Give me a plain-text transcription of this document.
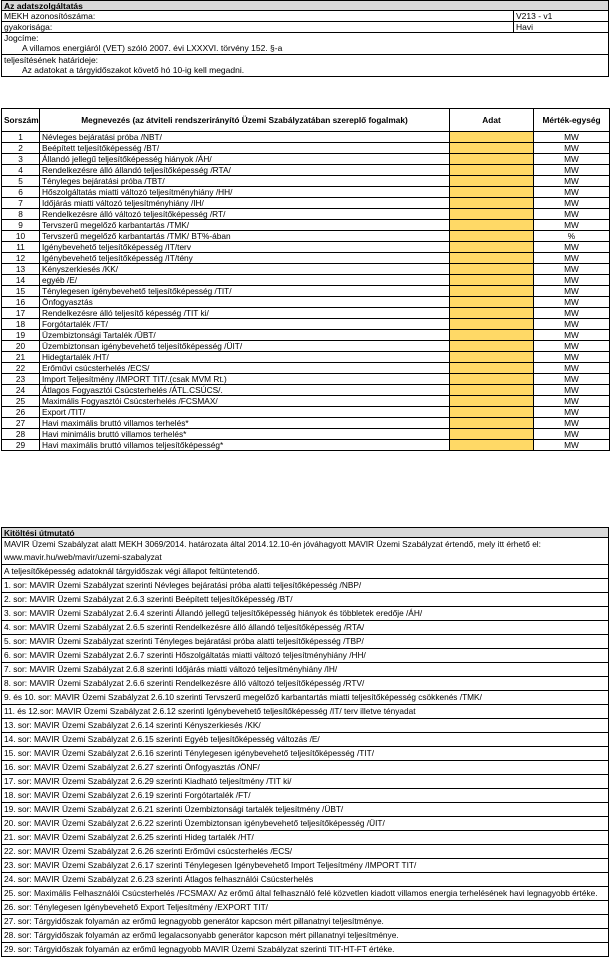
Az adatszolgáltatás
MEKH azonosítószáma:	V213 - v1
gyakorisága:	Havi
Jogcíme:
A villamos energiáról (VET) szóló 2007. évi LXXXVI. törvény 152. §-a
teljesítésének határideje:
Az adatokat a tárgyidőszakot követő hó 10-ig kell megadni.
Sorszám	Megnevezés (az átviteli rendszerirányító Üzemi Szabályzatában szereplő fogalmak)	Adat	Mérték-egység
1	Névleges bejáratási próba /NBT/		MW
2	Beépített teljesítőképesség /BT/		MW
3	Állandó jellegű teljesítőképesség hiányok /ÁH/		MW
4	Rendelkezésre álló állandó teljesítőképesség /RTA/		MW
5	Tényleges bejáratási próba /TBT/		MW
6	Hőszolgáltatás miatti változó teljesítményhiány /HH/		MW
7	Időjárás miatti változó teljesítményhiány /IH/		MW
8	Rendelkezésre álló változó teljesítőképesség /RT/		MW
9	Tervszerű megelőző karbantartás /TMK/		MW
10	Tervszerű megelőző karbantartás /TMK/ BT%-ában		%
11	Igénybevehető teljesítőképesség /IT/terv		MW
12	Igénybevehető teljesítőképesség /IT/tény		MW
13	Kényszerkiesés /KK/		MW
14	egyéb /E/		MW
15	Ténylegesen igénybevehető teljesítőképesség /TIT/		MW
16	Önfogyasztás		MW
17	Rendelkezésre álló teljesítő képesség /TIT ki/		MW
18	Forgótartalék /FT/		MW
19	Üzembiztonsági Tartalék /ÜBT/		MW
20	Üzembiztonsan igénybevehető teljesítőképesség /ÜIT/		MW
21	Hidegtartalék /HT/		MW
22	Erőművi csúcsterhelés /ECS/		MW
23	Import Teljesítmény /IMPORT TIT/.(csak MVM Rt.)		MW
24	Átlagos Fogyasztói Csúcsterhelés /ÁTL.CSÚCS/.		MW
25	Maximális Fogyasztói Csúcsterhelés /FCSMAX/		MW
26	Export /TIT/		MW
27	Havi maximális bruttó villamos terhelés*		MW
28	Havi minimális bruttó villamos terhelés*		MW
29	Havi maximális bruttó villamos teljesítőképesség*		MW
Kitöltési útmutató
MAVIR Üzemi Szabályzat alatt MEKH 3069/2014. határozata által 2014.12.10-én jóváhagyott MAVIR Üzemi Szabályzat értendő, mely itt érhető el: www.mavir.hu/web/mavir/uzemi-szabalyzat
A teljesítőképesség adatoknál tárgyidőszak végi állapot feltüntetendő.
1. sor: MAVIR Üzemi Szabályzat szerinti Névleges bejáratási próba alatti teljesítőképesség /NBP/
2. sor: MAVIR Üzemi Szabályzat 2.6.3 szerinti Beépített teljesítőképesség /BT/
3. sor: MAVIR Üzemi Szabályzat 2.6.4 szerinti Állandó jellegű teljesítőképesség hiányok és többletek eredője /ÁH/
4. sor: MAVIR Üzemi Szabályzat 2.6.5 szerinti Rendelkezésre álló állandó teljesítőképesség /RTA/
5. sor: MAVIR Üzemi Szabályzat szerinti Tényleges bejáratási próba alatti teljesítőképesség /TBP/
6. sor: MAVIR Üzemi Szabályzat 2.6.7 szerinti Hőszolgáltatás miatti változó teljesítményhiány /HH/
7. sor: MAVIR Üzemi Szabályzat 2.6.8 szerinti Időjárás miatti változó teljesítményhiány /IH/
8. sor: MAVIR Üzemi Szabályzat 2.6.6 szerinti Rendelkezésre álló változó teljesítőképesség /RTV/
9. és 10. sor: MAVIR Üzemi Szabályzat 2.6.10 szerinti Tervszerű megelőző karbantartás miatti teljesítőképesség csökkenés /TMK/
11. és 12.sor: MAVIR Üzemi Szabályzat 2.6.12 szerinti Igénybevehető teljesítőképesség /IT/ terv illetve tényadat
13. sor: MAVIR Üzemi Szabályzat 2.6.14 szerinti Kényszerkiesés /KK/
14. sor: MAVIR Üzemi Szabályzat 2.6.15 szerinti Egyéb teljesítőképesség változás /E/
15. sor: MAVIR Üzemi Szabályzat 2.6.16 szerinti Ténylegesen igénybevehető teljesítőképesség /TIT/
16. sor: MAVIR Üzemi Szabályzat 2.6.27 szerinti Önfogyasztás /ÖNF/
17. sor: MAVIR Üzemi Szabályzat 2.6.29 szerinti Kiadható teljesítmény /TIT ki/
18. sor: MAVIR Üzemi Szabályzat 2.6.19 szerinti Forgótartalék /FT/
19. sor: MAVIR Üzemi Szabályzat 2.6.21 szerinti Üzembiztonsági tartalék teljesítmény /ÜBT/
20. sor: MAVIR Üzemi Szabályzat 2.6.22 szerinti Üzembiztonsan igénybevehető teljesítőképesség /ÜIT/
21. sor: MAVIR Üzemi Szabályzat 2.6.25 szerinti Hideg tartalék /HT/
22. sor: MAVIR Üzemi Szabályzat 2.6.26 szerinti Erőművi csúcsterhelés /ECS/
23. sor: MAVIR Üzemi Szabályzat 2.6.17 szerinti Ténylegesen Igénybevehető Import Teljesítmény /IMPORT TIT/
24. sor: MAVIR Üzemi Szabályzat 2.6.23 szerinti Átlagos felhasználói Csúcsterhelés
25. sor: Maximális Felhasználói Csúcsterhelés /FCSMAX/ Az erőmű által felhasználó felé közvetlen kiadott villamos energia terhelésének havi legnagyobb értéke.
26. sor: Ténylegesen Igénybevehető Export Teljesítmény /EXPORT TIT/
27. sor: Tárgyidőszak folyamán az erőmű legnagyobb generátor kapcson mért pillanatnyi teljesítménye.
28. sor: Tárgyidőszak folyamán az erőmű legalacsonyabb generátor kapcson mért pillanatnyi teljesítménye.
29. sor: Tárgyidőszak folyamán az erőmű legnagyobb MAVIR Üzemi Szabályzat szerinti TIT-HT-FT értéke.
